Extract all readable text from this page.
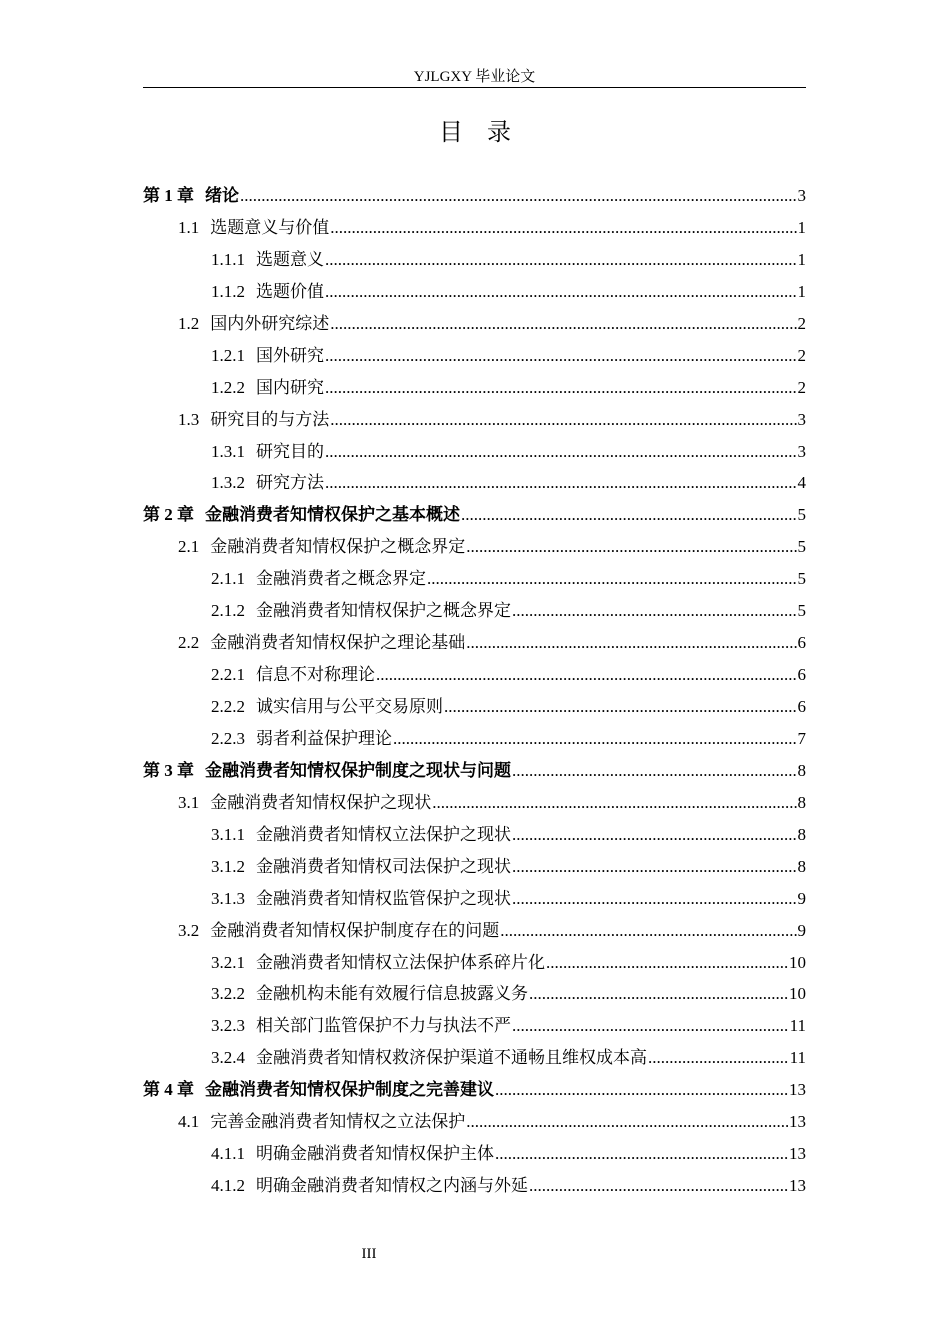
YJLGXY 毕业论文
目　录
第 1 章 绪论 .....	3
1.1 选题意义与价值 .....	1
1.1.1 选题意义 .....	1
1.1.2 选题价值 .....	1
1.2 国内外研究综述 .....	2
1.2.1 国外研究 .....	2
1.2.2 国内研究 .....	2
1.3 研究目的与方法 .....	3
1.3.1 研究目的 .....	3
1.3.2 研究方法 .....	4
第 2 章 金融消费者知情权保护之基本概述 .....	5
2.1 金融消费者知情权保护之概念界定 .....	5
2.1.1 金融消费者之概念界定 .....	5
2.1.2 金融消费者知情权保护之概念界定 .....	5
2.2 金融消费者知情权保护之理论基础 .....	6
2.2.1 信息不对称理论 .....	6
2.2.2 诚实信用与公平交易原则 .....	6
2.2.3 弱者利益保护理论 .....	7
第 3 章 金融消费者知情权保护制度之现状与问题 .....	8
3.1 金融消费者知情权保护之现状 .....	8
3.1.1 金融消费者知情权立法保护之现状 .....	8
3.1.2 金融消费者知情权司法保护之现状 .....	8
3.1.3 金融消费者知情权监管保护之现状 .....	9
3.2 金融消费者知情权保护制度存在的问题 .....	9
3.2.1 金融消费者知情权立法保护体系碎片化 .....	10
3.2.2 金融机构未能有效履行信息披露义务 .....	10
3.2.3 相关部门监管保护不力与执法不严 .....	11
3.2.4 金融消费者知情权救济保护渠道不通畅且维权成本高 .....	11
第 4 章 金融消费者知情权保护制度之完善建议 .....	13
4.1 完善金融消费者知情权之立法保护 .....	13
4.1.1 明确金融消费者知情权保护主体 .....	13
4.1.2 明确金融消费者知情权之内涵与外延 .....	13
III
